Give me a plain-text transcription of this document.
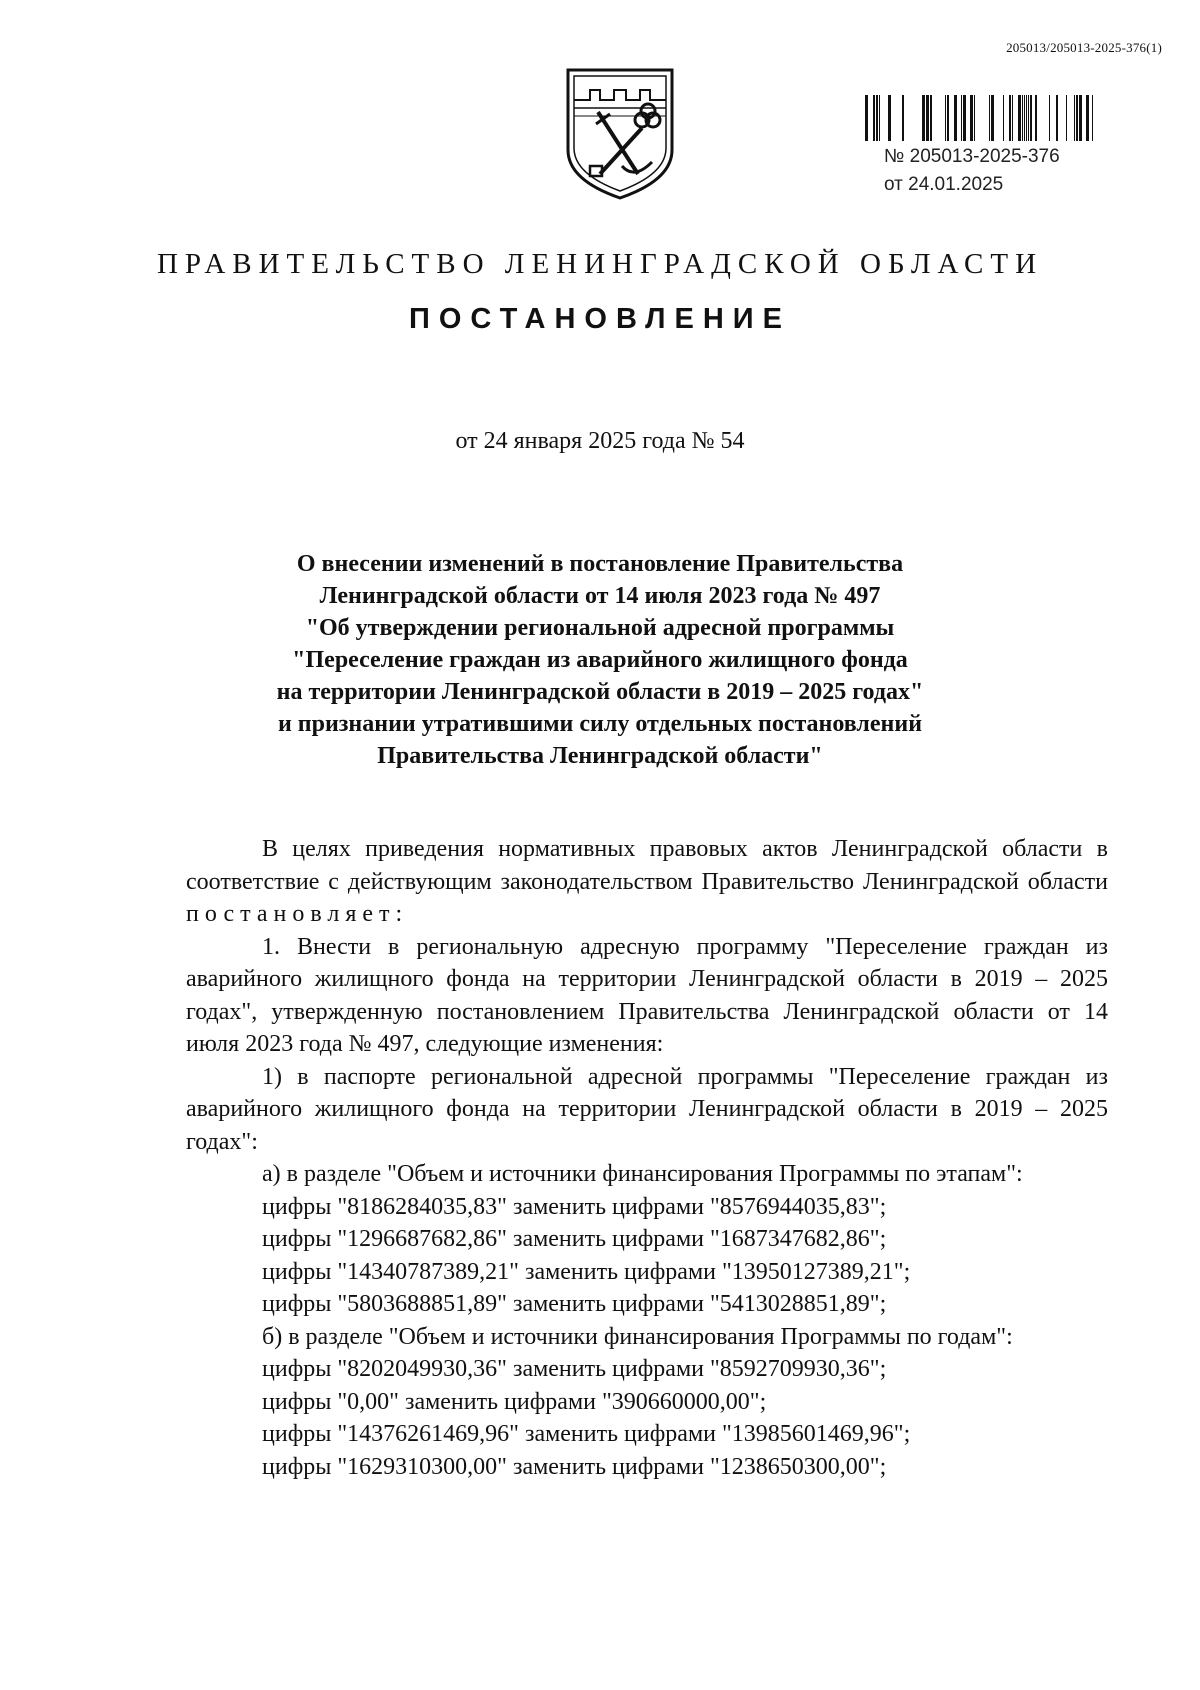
205013/205013-2025-376(1)
№ 205013-2025-376
от 24.01.2025
ПРАВИТЕЛЬСТВО ЛЕНИНГРАДСКОЙ ОБЛАСТИ
ПОСТАНОВЛЕНИЕ
от 24 января 2025 года № 54
О внесении изменений в постановление Правительства
Ленинградской области от 14 июля 2023 года № 497
"Об утверждении региональной адресной программы
"Переселение граждан из аварийного жилищного фонда
на территории Ленинградской области в 2019 – 2025 годах"
и признании утратившими силу отдельных постановлений
Правительства Ленинградской области"

В целях приведения нормативных правовых актов Ленинградской области в соответствие с действующим законодательством Правительство Ленинградской области постановляет:

1. Внести в региональную адресную программу "Переселение граждан из аварийного жилищного фонда на территории Ленинградской области в 2019 – 2025 годах", утвержденную постановлением Правительства Ленинградской области от 14 июля 2023 года № 497, следующие изменения:

1) в паспорте региональной адресной программы "Переселение граждан из аварийного жилищного фонда на территории Ленинградской области в 2019 – 2025 годах":

а) в разделе "Объем и источники финансирования Программы по этапам":

цифры "8186284035,83" заменить цифрами "8576944035,83";

цифры "1296687682,86" заменить цифрами "1687347682,86";

цифры "14340787389,21" заменить цифрами "13950127389,21";

цифры "5803688851,89" заменить цифрами "5413028851,89";

б) в разделе "Объем и источники финансирования Программы по годам":

цифры "8202049930,36" заменить цифрами "8592709930,36";

цифры "0,00" заменить цифрами "390660000,00";

цифры "14376261469,96" заменить цифрами "13985601469,96";

цифры "1629310300,00" заменить цифрами "1238650300,00";
